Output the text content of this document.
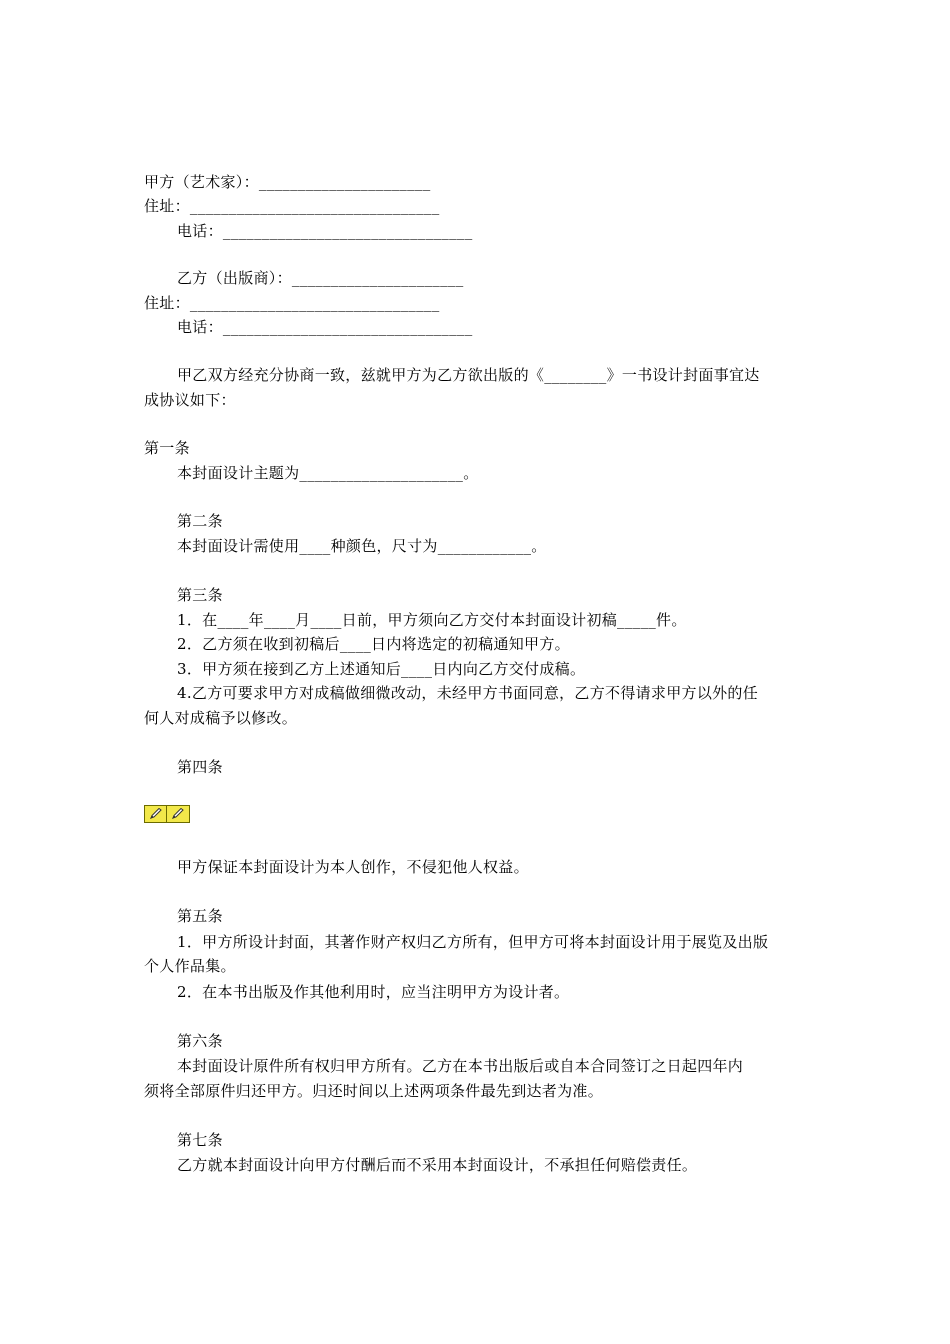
甲方（艺术家）：______________________
住址：________________________________
电话：________________________________
乙方（出版商）：______________________
住址：________________________________
电话：________________________________
甲乙双方经充分协商一致，兹就甲方为乙方欲出版的《________》一书设计封面事宜达
成协议如下：
第一条
本封面设计主题为_____________________。
第二条
本封面设计需使用____种颜色，尺寸为____________。
第三条
1．在____年____月____日前，甲方须向乙方交付本封面设计初稿_____件。
2．乙方须在收到初稿后____日内将选定的初稿通知甲方。
3．甲方须在接到乙方上述通知后____日内向乙方交付成稿。
4.乙方可要求甲方对成稿做细微改动，未经甲方书面同意，乙方不得请求甲方以外的任
何人对成稿予以修改。
第四条
甲方保证本封面设计为本人创作，不侵犯他人权益。
第五条
1．甲方所设计封面，其著作财产权归乙方所有，但甲方可将本封面设计用于展览及出版
个人作品集。
2．在本书出版及作其他利用时，应当注明甲方为设计者。
第六条
本封面设计原件所有权归甲方所有。乙方在本书出版后或自本合同签订之日起四年内
须将全部原件归还甲方。归还时间以上述两项条件最先到达者为准。
第七条
乙方就本封面设计向甲方付酬后而不采用本封面设计，不承担任何赔偿责任。
